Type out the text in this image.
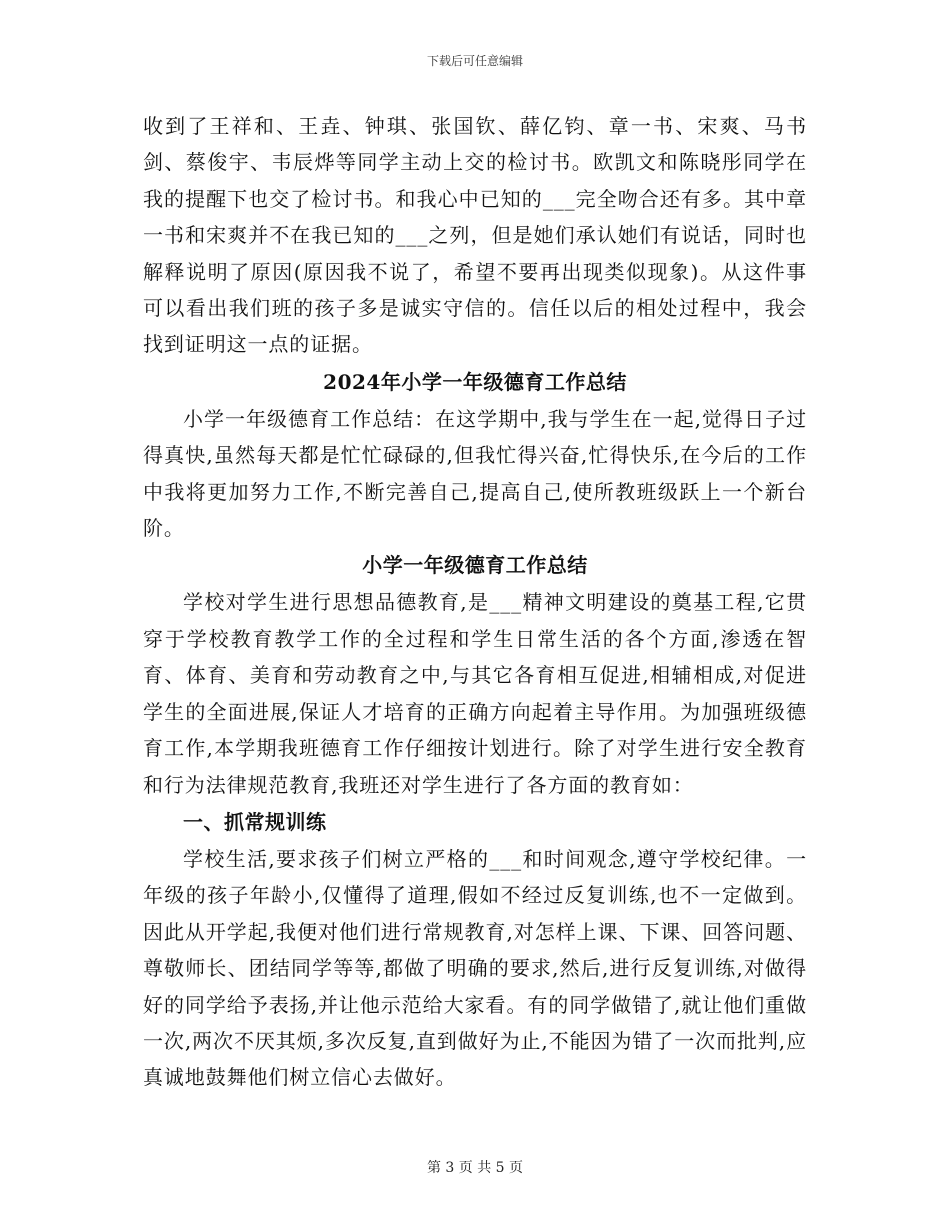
下载后可任意编辑

收到了王祥和、王垚、钟琪、张国钦、薛亿钧、章一书、宋爽、马书剑、蔡俊宇、韦辰烨等同学主动上交的检讨书。欧凯文和陈晓彤同学在我的提醒下也交了检讨书。和我心中已知的___完全吻合还有多。其中章一书和宋爽并不在我已知的___之列，但是她们承认她们有说话，同时也解释说明了原因(原因我不说了，希望不要再出现类似现象)。从这件事可以看出我们班的孩子多是诚实守信的。信任以后的相处过程中，我会找到证明这一点的证据。

2024年小学一年级德育工作总结

小学一年级德育工作总结：在这学期中,我与学生在一起,觉得日子过得真快,虽然每天都是忙忙碌碌的,但我忙得兴奋,忙得快乐,在今后的工作中我将更加努力工作,不断完善自己,提高自己,使所教班级跃上一个新台阶。

小学一年级德育工作总结

学校对学生进行思想品德教育,是___精神文明建设的奠基工程,它贯穿于学校教育教学工作的全过程和学生日常生活的各个方面,渗透在智育、体育、美育和劳动教育之中,与其它各育相互促进,相辅相成,对促进学生的全面进展,保证人才培育的正确方向起着主导作用。为加强班级德育工作,本学期我班德育工作仔细按计划进行。除了对学生进行安全教育和行为法律规范教育,我班还对学生进行了各方面的教育如：

一、抓常规训练

学校生活,要求孩子们树立严格的___和时间观念,遵守学校纪律。一年级的孩子年龄小,仅懂得了道理,假如不经过反复训练,也不一定做到。因此从开学起,我便对他们进行常规教育,对怎样上课、下课、回答问题、尊敬师长、团结同学等等,都做了明确的要求,然后,进行反复训练,对做得好的同学给予表扬,并让他示范给大家看。有的同学做错了,就让他们重做一次,两次不厌其烦,多次反复,直到做好为止,不能因为错了一次而批判,应真诚地鼓舞他们树立信心去做好。

第 3 页 共 5 页
